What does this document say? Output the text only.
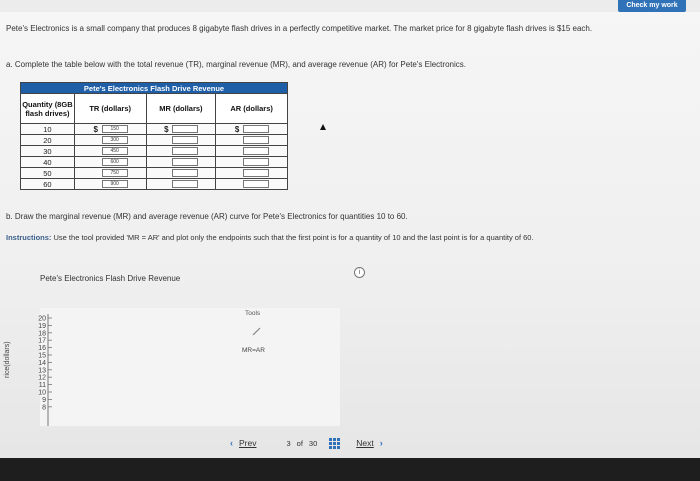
Check my work
Pete's Electronics is a small company that produces 8 gigabyte flash drives in a perfectly competitive market. The market price for 8 gigabyte flash drives is $15 each.
a. Complete the table below with the total revenue (TR), marginal revenue (MR), and average revenue (AR) for Pete's Electronics.
Pete's Electronics Flash Drive Revenue			
Quantity (8GB flash drives)	TR (dollars)	MR (dollars)	AR (dollars)
10	$ 150	$	$

20	300		

30	450		

40	600		

50	750		

60	900		

b. Draw the marginal revenue (MR) and average revenue (AR) curve for Pete's Electronics for quantities 10 to 60.
Instructions: Use the tool provided 'MR = AR' and plot only the endpoints such that the first point is for a quantity of 10 and the last point is for a quantity of 60.
Pete's Electronics Flash Drive Revenue
i
rice(dollars)
20
19
18
17
16
15
14
13
12
11
10
9
8
Tools
MR=AR
‹ Prev	3 of 30	Next ›
